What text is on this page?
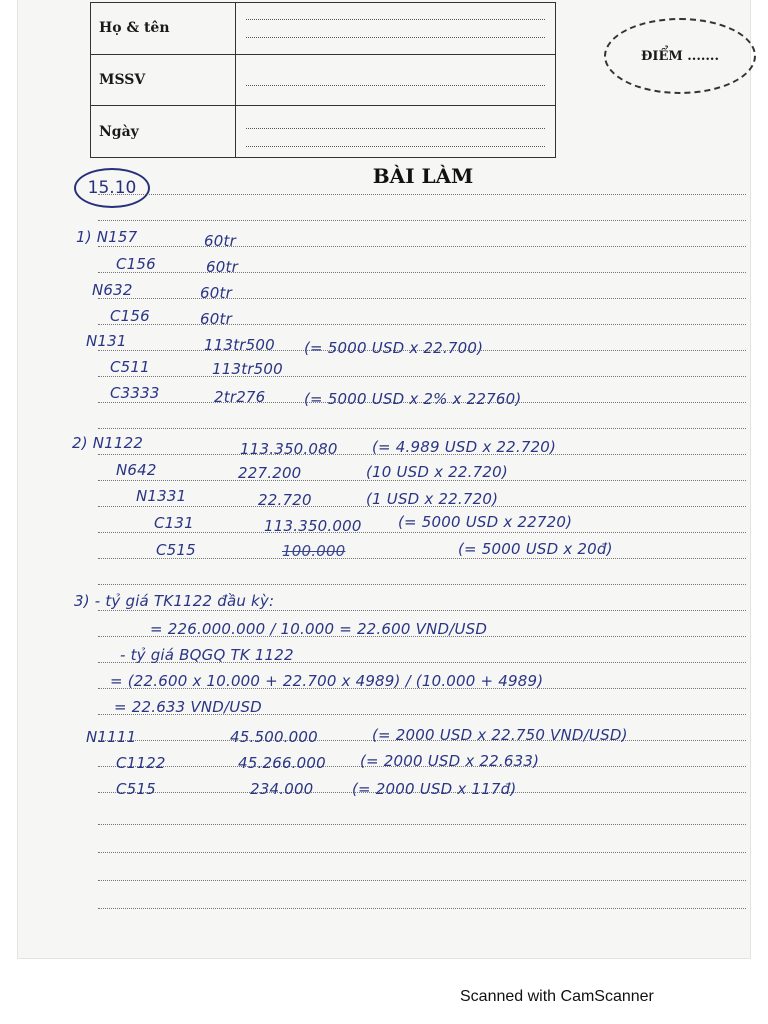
Họ & tên	

MSSV	

Ngày	
ĐIỂM .......
15.10	BÀI LÀM
1) N157	60tr
C156	60tr
N632	60tr
C156	60tr
N131	113tr500 (= 5000 USD x 22.700)
C511	113tr500
C3333	2tr276	(= 5000 USD x 2% x 22760)
2) N1122	113.350.080 (= 4.989 USD x 22.720)
N642	227.200	(10 USD x 22.720)
N1331	22.720	(1 USD x 22.720)
C131	113.350.000 (= 5000 USD x 22720)
C515	100.000	(= 5000 USD x 20đ)
3) - tỷ giá TK1122 đầu kỳ:
= 226.000.000 / 10.000 = 22.600 VND/USD
- tỷ giá BQGQ TK 1122
= (22.600 x 10.000 + 22.700 x 4989) / (10.000 + 4989)
= 22.633 VND/USD
N1111	45.500.000	(= 2000 USD x 22.750 VND/USD)
C1122	45.266.000 (= 2000 USD x 22.633)
C515	234.000	(= 2000 USD x 117đ)
Scanned with CamScanner
